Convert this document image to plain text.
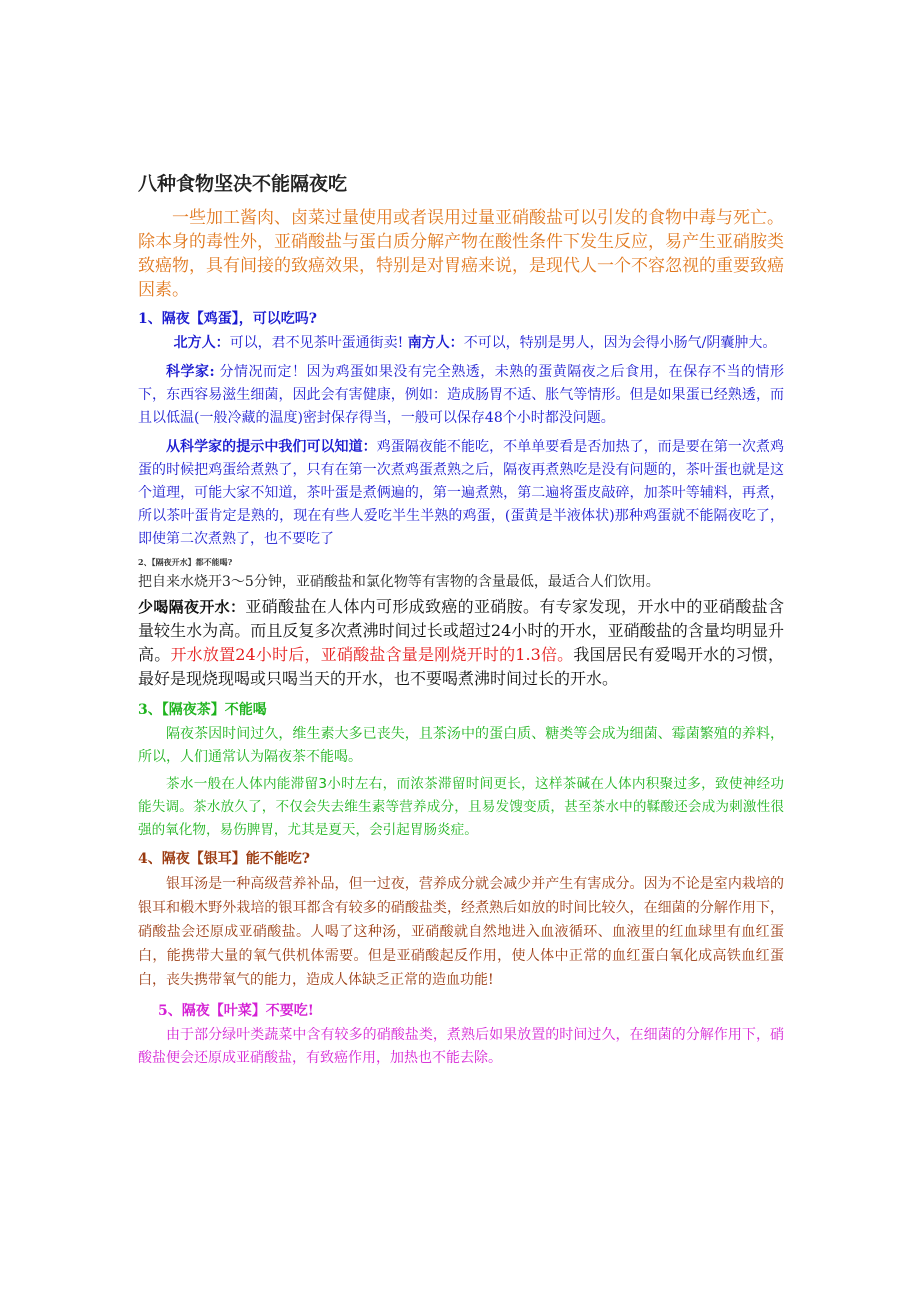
八种食物坚决不能隔夜吃

一些加工酱肉、卤菜过量使用或者误用过量亚硝酸盐可以引发的食物中毒与死亡。除本身的毒性外，亚硝酸盐与蛋白质分解产物在酸性条件下发生反应，易产生亚硝胺类致癌物，具有间接的致癌效果，特别是对胃癌来说，是现代人一个不容忽视的重要致癌因素。

1、隔夜【鸡蛋】，可以吃吗?

北方人：可以，君不见茶叶蛋通街卖! 南方人：不可以，特别是男人，因为会得小肠气/阴囊肿大。

科学家: 分情况而定！因为鸡蛋如果没有完全熟透，未熟的蛋黄隔夜之后食用，在保存不当的情形下，东西容易滋生细菌，因此会有害健康，例如：造成肠胃不适、胀气等情形。但是如果蛋已经熟透，而且以低温(一般冷藏的温度)密封保存得当，一般可以保存48个小时都没问题。

从科学家的提示中我们可以知道：鸡蛋隔夜能不能吃，不单单要看是否加热了，而是要在第一次煮鸡蛋的时候把鸡蛋给煮熟了，只有在第一次煮鸡蛋煮熟之后，隔夜再煮熟吃是没有问题的，茶叶蛋也就是这个道理，可能大家不知道，茶叶蛋是煮俩遍的，第一遍煮熟，第二遍将蛋皮敲碎，加茶叶等辅料，再煮，所以茶叶蛋肯定是熟的，现在有些人爱吃半生半熟的鸡蛋，(蛋黄是半液体状)那种鸡蛋就不能隔夜吃了，即使第二次煮熟了，也不要吃了

2、【隔夜开水】都不能喝?

把自来水烧开3～5分钟，亚硝酸盐和氯化物等有害物的含量最低，最适合人们饮用。

少喝隔夜开水：亚硝酸盐在人体内可形成致癌的亚硝胺。有专家发现，开水中的亚硝酸盐含量较生水为高。而且反复多次煮沸时间过长或超过24小时的开水，亚硝酸盐的含量均明显升高。开水放置24小时后，亚硝酸盐含量是刚烧开时的1.3倍。我国居民有爱喝开水的习惯，最好是现烧现喝或只喝当天的开水，也不要喝煮沸时间过长的开水。

3、【隔夜茶】不能喝

隔夜茶因时间过久，维生素大多已丧失，且茶汤中的蛋白质、糖类等会成为细菌、霉菌繁殖的养料，所以，人们通常认为隔夜茶不能喝。

茶水一般在人体内能滞留3小时左右，而浓茶滞留时间更长，这样茶碱在人体内积聚过多，致使神经功能失调。茶水放久了，不仅会失去维生素等营养成分，且易发馊变质，甚至茶水中的鞣酸还会成为刺激性很强的氧化物，易伤脾胃，尤其是夏天，会引起胃肠炎症。

4、隔夜【银耳】能不能吃?

银耳汤是一种高级营养补品，但一过夜，营养成分就会减少并产生有害成分。因为不论是室内栽培的银耳和椴木野外栽培的银耳都含有较多的硝酸盐类，经煮熟后如放的时间比较久，在细菌的分解作用下，硝酸盐会还原成亚硝酸盐。人喝了这种汤，亚硝酸就自然地进入血液循环、血液里的红血球里有血红蛋白，能携带大量的氧气供机体需要。但是亚硝酸起反作用，使人体中正常的血红蛋白氧化成高铁血红蛋白，丧失携带氧气的能力，造成人体缺乏正常的造血功能!

5、隔夜【叶菜】不要吃!

由于部分绿叶类蔬菜中含有较多的硝酸盐类，煮熟后如果放置的时间过久，在细菌的分解作用下，硝酸盐便会还原成亚硝酸盐，有致癌作用，加热也不能去除。
